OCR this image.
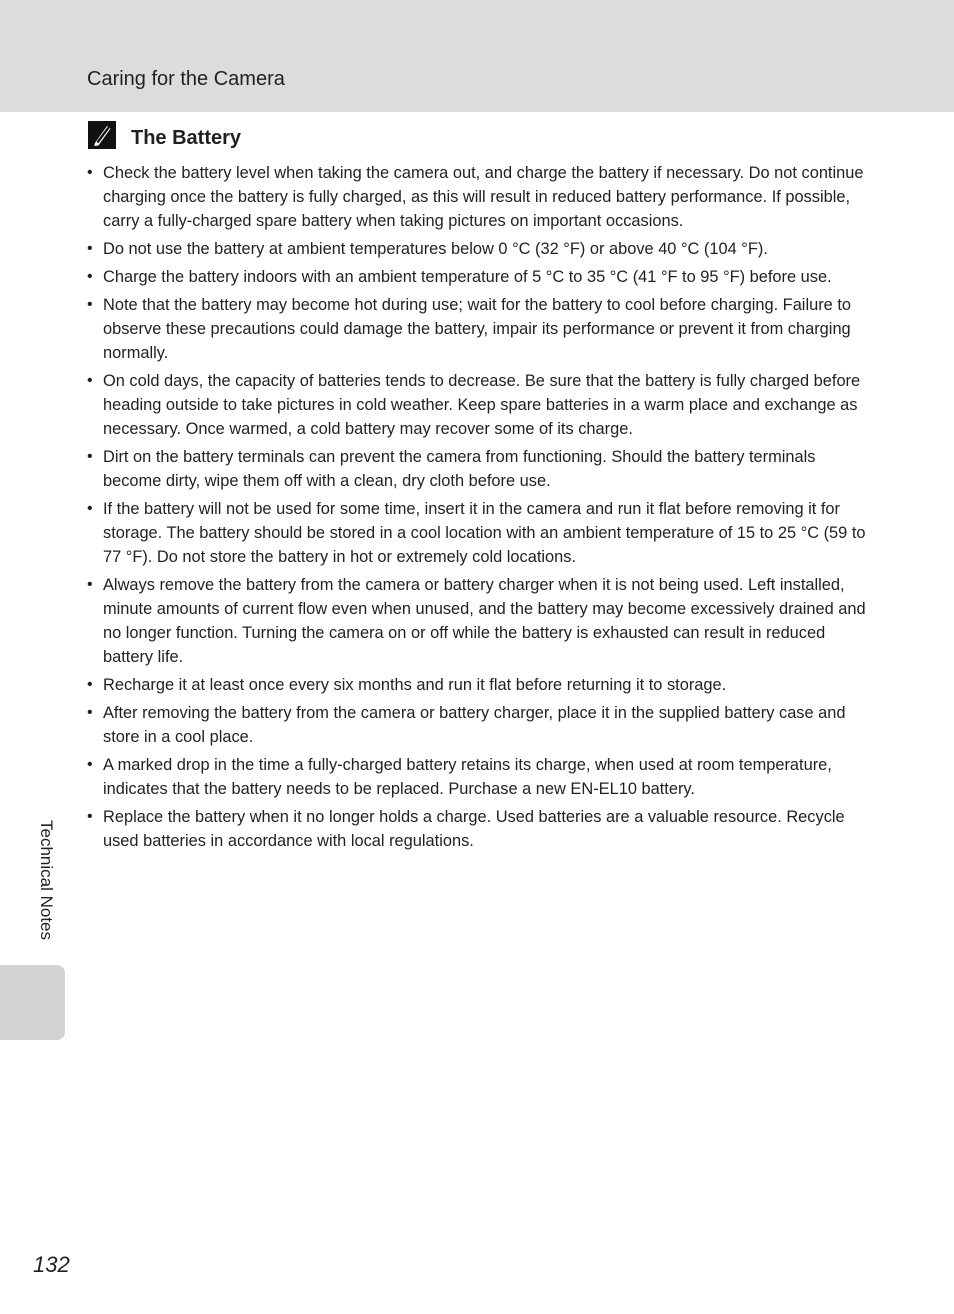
Caring for the Camera
The Battery
• Check the battery level when taking the camera out, and charge the battery if necessary. Do not continue charging once the battery is fully charged, as this will result in reduced battery performance. If possible, carry a fully-charged spare battery when taking pictures on important occasions.
• Do not use the battery at ambient temperatures below 0 °C (32 °F) or above 40 °C (104 °F).
• Charge the battery indoors with an ambient temperature of 5 °C to 35 °C (41 °F to 95 °F) before use.
• Note that the battery may become hot during use; wait for the battery to cool before charging. Failure to observe these precautions could damage the battery, impair its performance or prevent it from charging normally.
• On cold days, the capacity of batteries tends to decrease. Be sure that the battery is fully charged before heading outside to take pictures in cold weather. Keep spare batteries in a warm place and exchange as necessary. Once warmed, a cold battery may recover some of its charge.
• Dirt on the battery terminals can prevent the camera from functioning. Should the battery terminals become dirty, wipe them off with a clean, dry cloth before use.
• If the battery will not be used for some time, insert it in the camera and run it flat before removing it for storage. The battery should be stored in a cool location with an ambient temperature of 15 to 25 °C (59 to 77 °F). Do not store the battery in hot or extremely cold locations.
• Always remove the battery from the camera or battery charger when it is not being used. Left installed, minute amounts of current flow even when unused, and the battery may become excessively drained and no longer function. Turning the camera on or off while the battery is exhausted can result in reduced battery life.
• Recharge it at least once every six months and run it flat before returning it to storage.
• After removing the battery from the camera or battery charger, place it in the supplied battery case and store in a cool place.
• A marked drop in the time a fully-charged battery retains its charge, when used at room temperature, indicates that the battery needs to be replaced. Purchase a new EN-EL10 battery.
• Replace the battery when it no longer holds a charge. Used batteries are a valuable resource. Recycle used batteries in accordance with local regulations.
Technical Notes
132
